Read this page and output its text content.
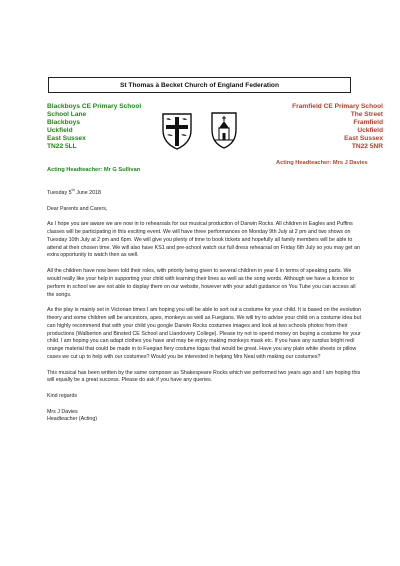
St Thomas à Becket Church of England Federation
Blackboys CE Primary School
School Lane
Blackboys
Uckfield
East Sussex
TN22 5LL
Acting Headteacher: Mr G Sullivan
Framfield CE Primary School
The Street
Framfield
Uckfield
East Sussex
TN22 5NR
Acting Headteacher: Mrs J Davies

Tuesday 5th June 2018

Dear Parents and Carers,

As I hope you are aware we are now in to rehearsals for our musical production of Darwin Rocks. All children in Eagles and Puffins classes will be participating in this exciting event. We will have three performances on Monday 9th July at 2 pm and two shows on Tuesday 10th July at 2 pm and 6pm. We will give you plenty of time to book tickets and hopefully all family members will be able to attend at their chosen time. We will also have KS1 and pre-school watch our full dress rehearsal on Friday 6th July so you may get an extra opportunity to watch then as well.

All the children have now been told their roles, with priority being given to several children in year 6 in terms of speaking parts. We would really like your help in supporting your child with learning their lines as well as the song words. Although we have a licence to perform in school we are not able to display them on our website, however with your adult guidance on You Tube you can access all the songs.

As the play is mainly set in Victorian times I am hoping you will be able to sort out a costume for your child. It is based on the evolution theory and some children will be ancestors, apes, monkeys as well as Fuegians. We will try to advise your child on a costume idea but can highly recommend that with your child you google Darwin Rocks costumes images and look at two schools photos from their productions (Walberton and Binsted CE School and Llandovery College). Please try not to spend money on buying a costume for your child. I am hoping you can adapt clothes you have and may be enjoy making monkeys mask etc. If you have any surplus bright red/ orange material that could be made in to Fuegian fiery costume togas that would be great. Have you any plain white sheets or pillow cases we cut up to help with our costumes? Would you be interested in helping Mrs Neal with making our costumes?

This musical has been written by the same composer as Shakespeare Rocks which we performed two years ago and I am hoping this will equally be a great success. Please do ask if you have any queries.

Kind regards

Mrs J Davies

Headteacher (Acting)
